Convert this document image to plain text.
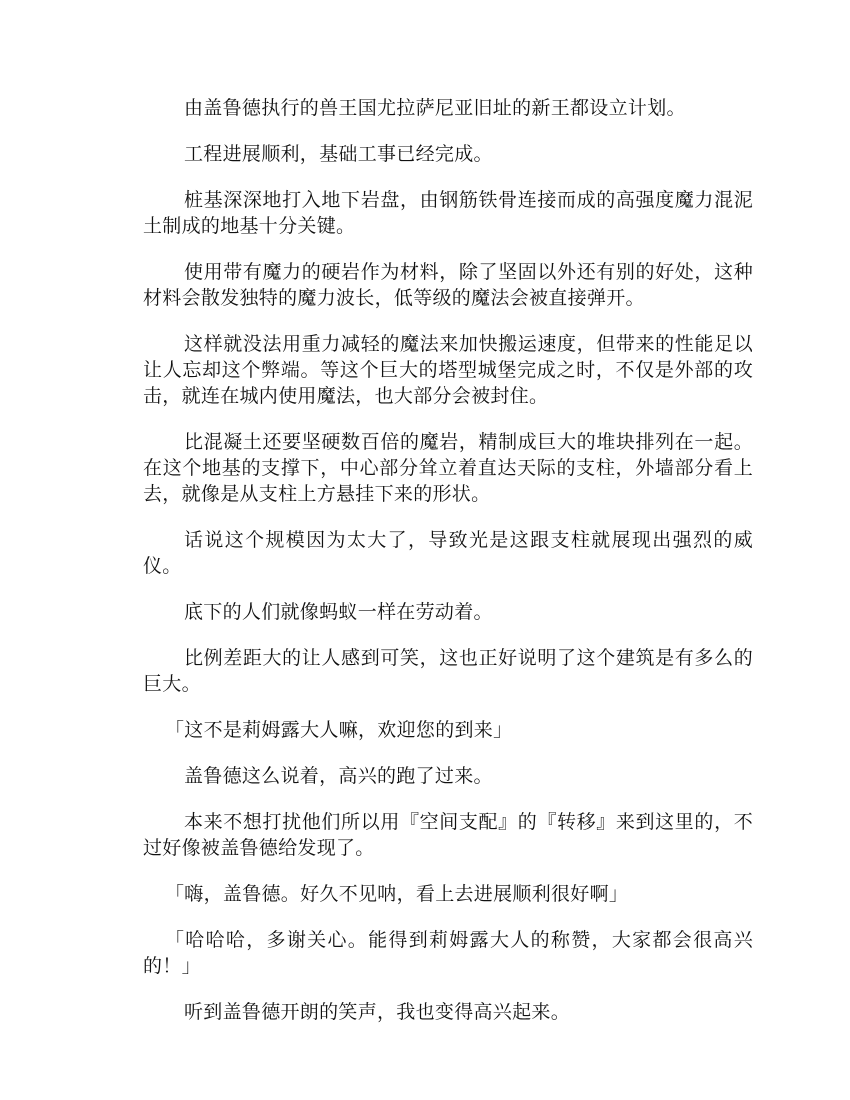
由盖鲁德执行的兽王国尤拉萨尼亚旧址的新王都设立计划。

工程进展顺利，基础工事已经完成。

桩基深深地打入地下岩盘，由钢筋铁骨连接而成的高强度魔力混泥土制成的地基十分关键。

使用带有魔力的硬岩作为材料，除了坚固以外还有别的好处，这种材料会散发独特的魔力波长，低等级的魔法会被直接弹开。

这样就没法用重力减轻的魔法来加快搬运速度，但带来的性能足以让人忘却这个弊端。等这个巨大的塔型城堡完成之时，不仅是外部的攻击，就连在城内使用魔法，也大部分会被封住。

比混凝土还要坚硬数百倍的魔岩，精制成巨大的堆块排列在一起。在这个地基的支撑下，中心部分耸立着直达天际的支柱，外墙部分看上去，就像是从支柱上方悬挂下来的形状。

话说这个规模因为太大了，导致光是这跟支柱就展现出强烈的威仪。

底下的人们就像蚂蚁一样在劳动着。

比例差距大的让人感到可笑，这也正好说明了这个建筑是有多么的巨大。

「这不是莉姆露大人嘛，欢迎您的到来」

盖鲁德这么说着，高兴的跑了过来。

本来不想打扰他们所以用『空间支配』的『转移』来到这里的，不过好像被盖鲁德给发现了。

「嗨，盖鲁德。好久不见呐，看上去进展顺利很好啊」

「哈哈哈，多谢关心。能得到莉姆露大人的称赞，大家都会很高兴的！」

听到盖鲁德开朗的笑声，我也变得高兴起来。
